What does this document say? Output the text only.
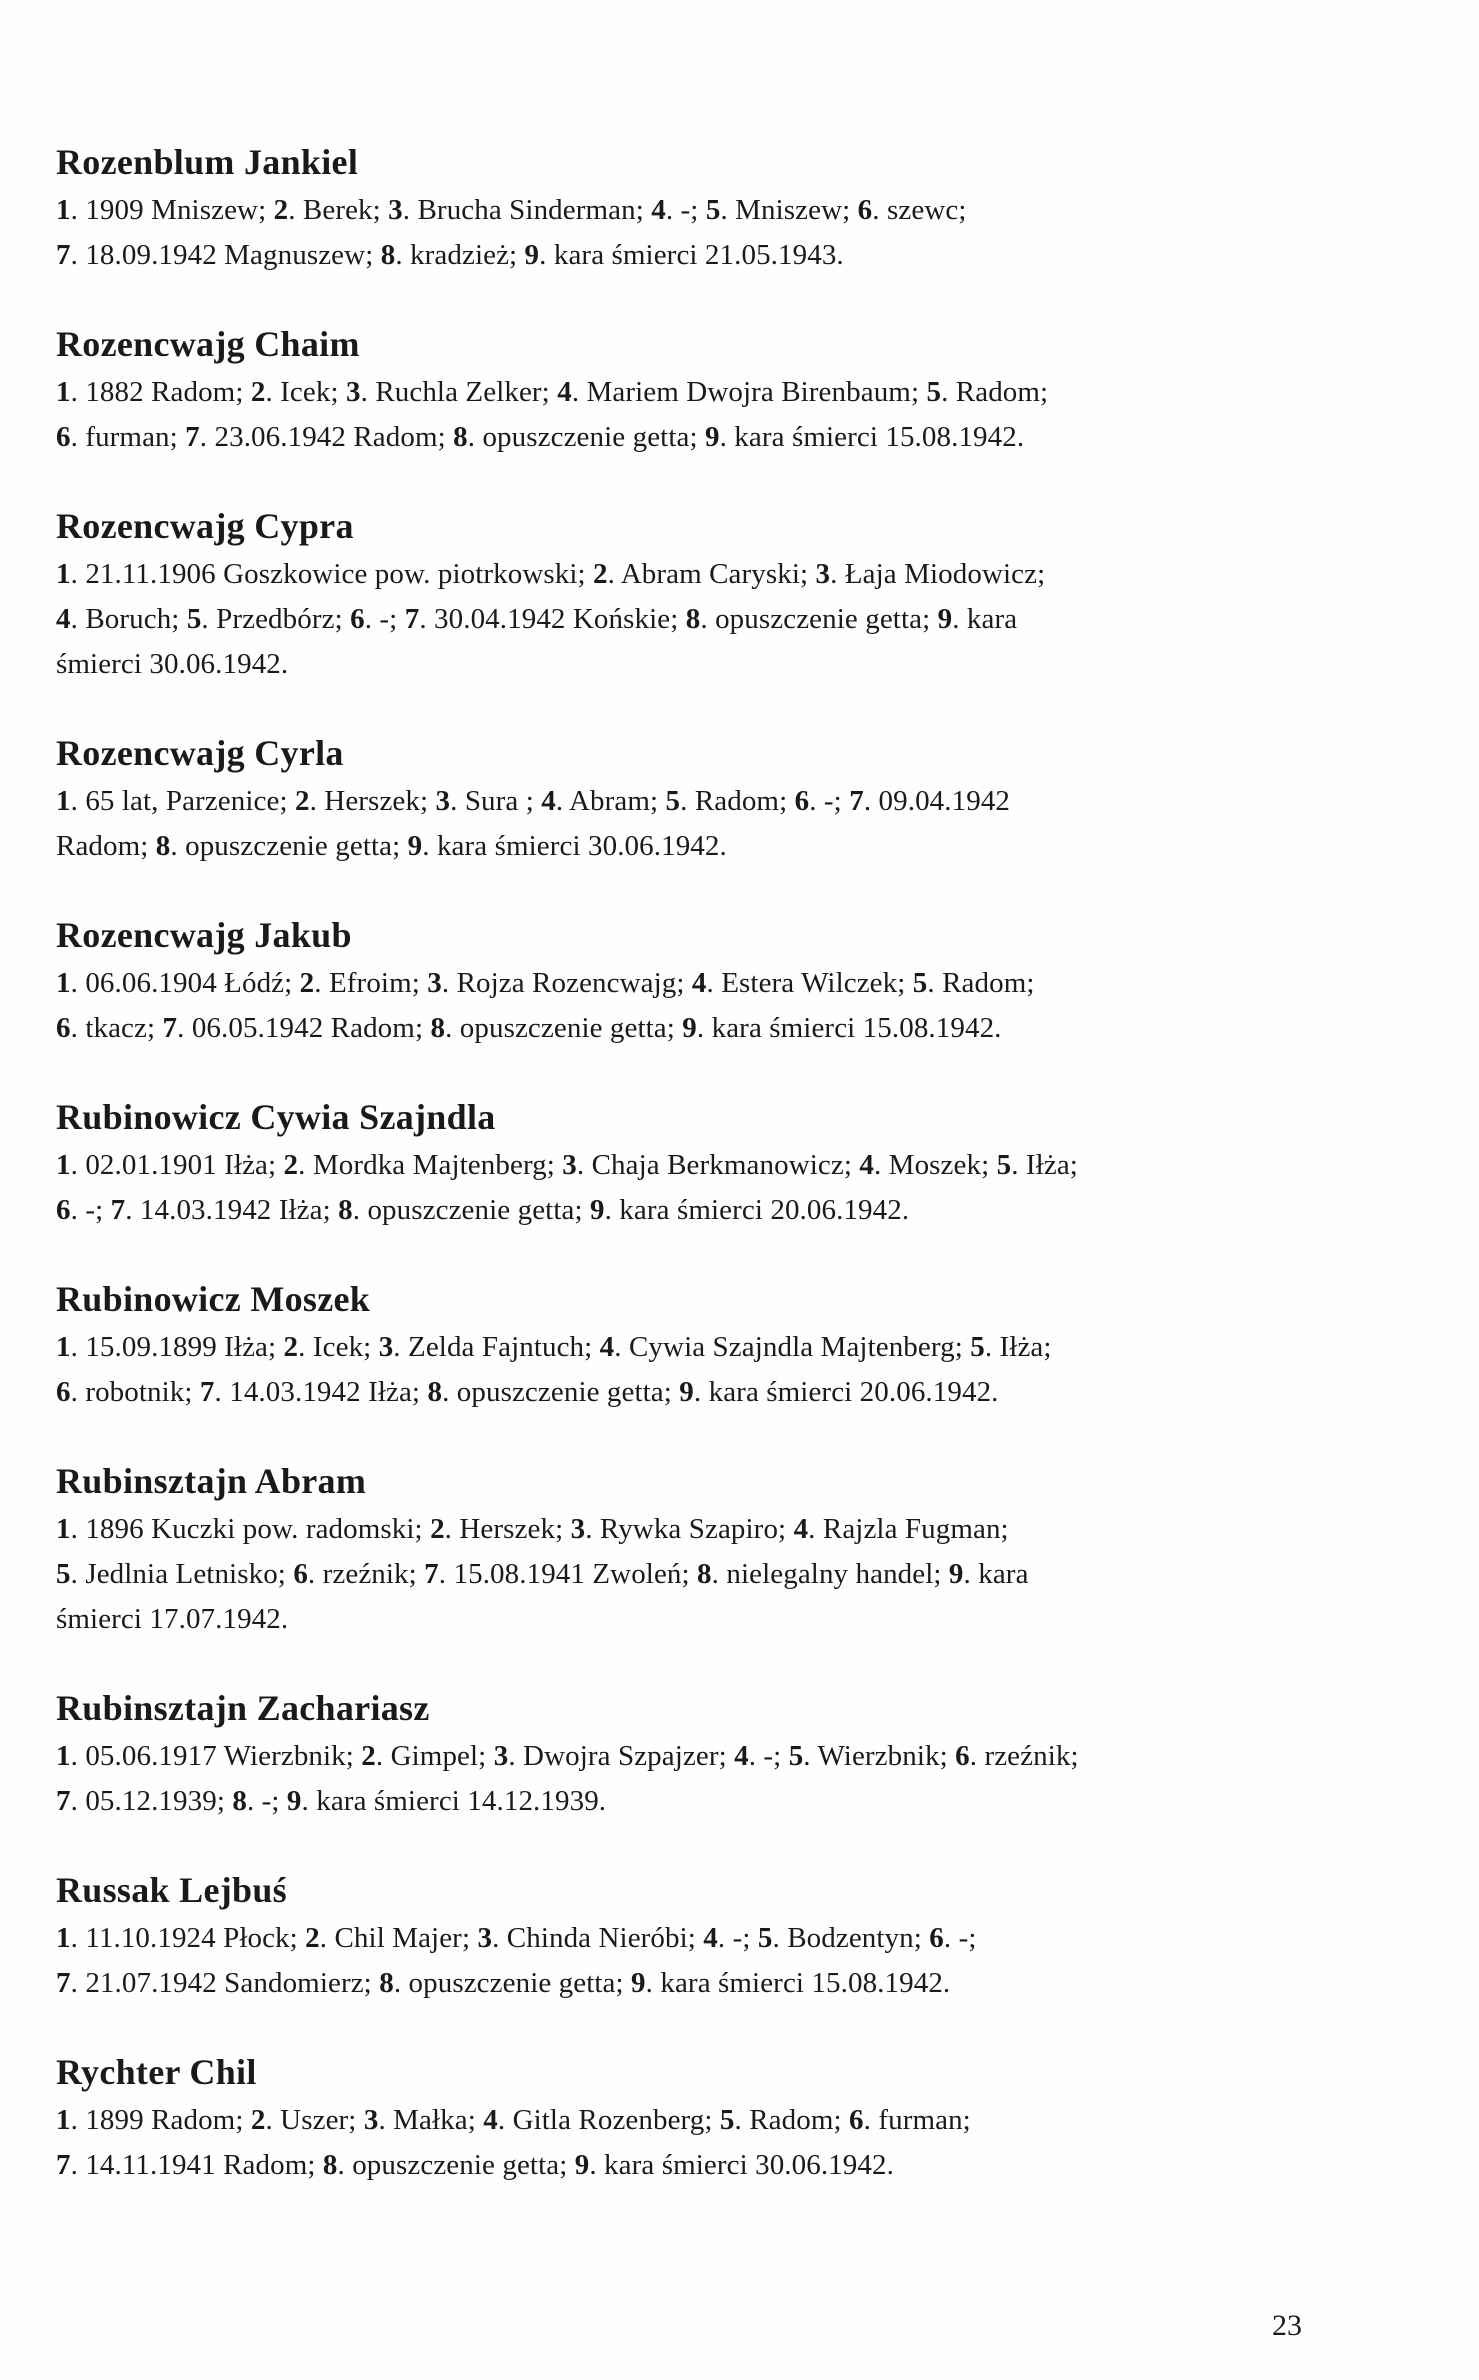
Rozenblum Jankiel
1. 1909 Mniszew; 2. Berek; 3. Brucha Sinderman; 4. -; 5. Mniszew; 6. szewc;
7. 18.09.1942 Magnuszew; 8. kradzież; 9. kara śmierci 21.05.1943.
Rozencwajg Chaim
1. 1882 Radom; 2. Icek; 3. Ruchla Zelker; 4. Mariem Dwojra Birenbaum; 5. Radom;
6. furman; 7. 23.06.1942 Radom; 8. opuszczenie getta; 9. kara śmierci 15.08.1942.
Rozencwajg Cypra
1. 21.11.1906 Goszkowice pow. piotrkowski; 2. Abram Caryski; 3. Łaja Miodowicz;
4. Boruch; 5. Przedbórz; 6. -; 7. 30.04.1942 Końskie; 8. opuszczenie getta; 9. kara
śmierci 30.06.1942.
Rozencwajg Cyrla
1. 65 lat, Parzenice; 2. Herszek; 3. Sura ; 4. Abram; 5. Radom; 6. -; 7. 09.04.1942
Radom; 8. opuszczenie getta; 9. kara śmierci 30.06.1942.
Rozencwajg Jakub
1. 06.06.1904 Łódź; 2. Efroim; 3. Rojza Rozencwajg; 4. Estera Wilczek; 5. Radom;
6. tkacz; 7. 06.05.1942 Radom; 8. opuszczenie getta; 9. kara śmierci 15.08.1942.
Rubinowicz Cywia Szajndla
1. 02.01.1901 Iłża; 2. Mordka Majtenberg; 3. Chaja Berkmanowicz; 4. Moszek; 5. Iłża;
6. -; 7. 14.03.1942 Iłża; 8. opuszczenie getta; 9. kara śmierci 20.06.1942.
Rubinowicz Moszek
1. 15.09.1899 Iłża; 2. Icek; 3. Zelda Fajntuch; 4. Cywia Szajndla Majtenberg; 5. Iłża;
6. robotnik; 7. 14.03.1942 Iłża; 8. opuszczenie getta; 9. kara śmierci 20.06.1942.
Rubinsztajn Abram
1. 1896 Kuczki pow. radomski; 2. Herszek; 3. Rywka Szapiro; 4. Rajzla Fugman;
5. Jedlnia Letnisko; 6. rzeźnik; 7. 15.08.1941 Zwoleń; 8. nielegalny handel; 9. kara
śmierci 17.07.1942.
Rubinsztajn Zachariasz
1. 05.06.1917 Wierzbnik; 2. Gimpel; 3. Dwojra Szpajzer; 4. -; 5. Wierzbnik; 6. rzeźnik;
7. 05.12.1939; 8. -; 9. kara śmierci 14.12.1939.
Russak Lejbuś
1. 11.10.1924 Płock; 2. Chil Majer; 3. Chinda Nieróbi; 4. -; 5. Bodzentyn; 6. -;
7. 21.07.1942 Sandomierz; 8. opuszczenie getta; 9. kara śmierci 15.08.1942.
Rychter Chil
1. 1899 Radom; 2. Uszer; 3. Małka; 4. Gitla Rozenberg; 5. Radom; 6. furman;
7. 14.11.1941 Radom; 8. opuszczenie getta; 9. kara śmierci 30.06.1942.
23
